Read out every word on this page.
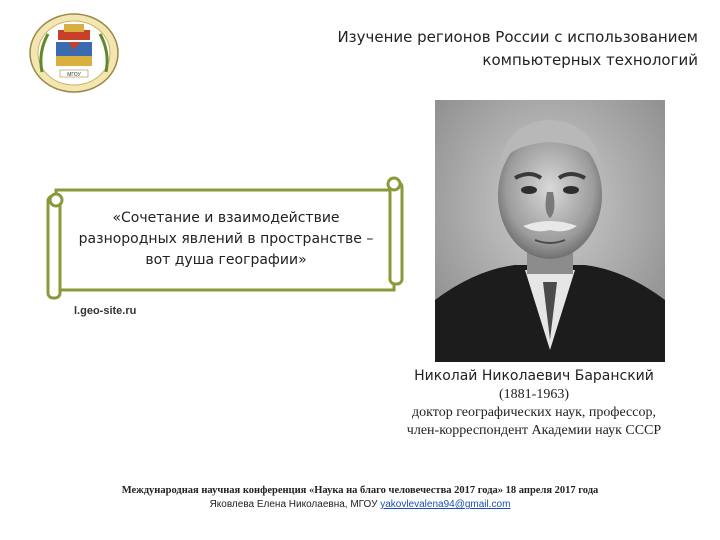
МГОУ
Изучение регионов России с использованием
компьютерных технологий
«Сочетание и взаимодействие
разнородных явлений в пространстве –
вот душа географии»
l.geo-site.ru
Николай Николаевич Баранский
(1881-1963)
доктор географических наук, профессор,
член-корреспондент Академии наук СССР
Международная научная конференция «Наука на благо человечества 2017 года» 18 апреля 2017 года
Яковлева Елена Николаевна, МГОУ yakovlevalena94@gmail.com
